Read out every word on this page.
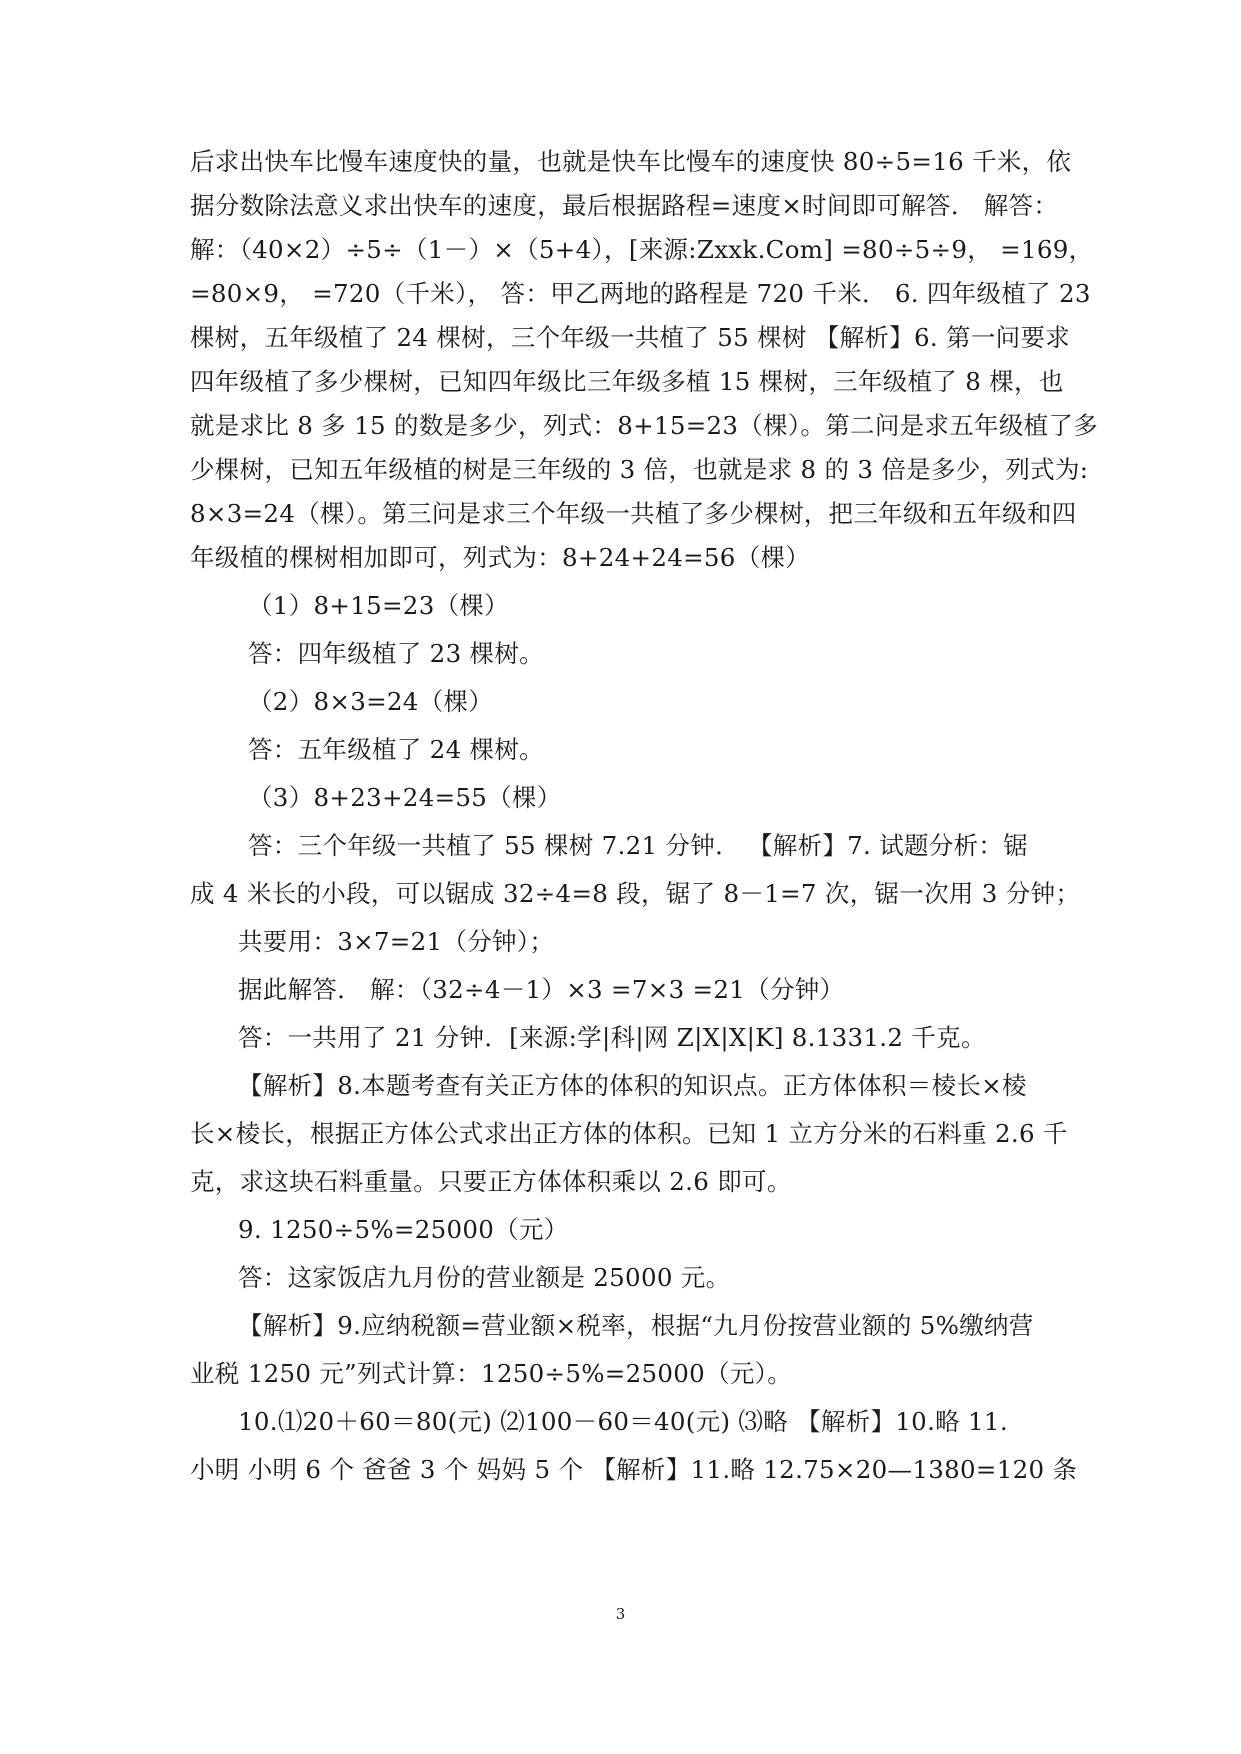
后求出快车比慢车速度快的量，也就是快车比慢车的速度快 80÷5=16 千米，依
据分数除法意义求出快车的速度，最后根据路程=速度×时间即可解答． 解答：
解：（40×2）÷5÷（1－）×（5+4），[来源:Zxxk.Com] =80÷5÷9， =169，
=80×9， =720（千米）， 答：甲乙两地的路程是 720 千米． 6. 四年级植了 23
棵树，五年级植了 24 棵树，三个年级一共植了 55 棵树 【解析】6. 第一问要求
四年级植了多少棵树，已知四年级比三年级多植 15 棵树，三年级植了 8 棵，也
就是求比 8 多 15 的数是多少，列式：8+15=23（棵）。第二问是求五年级植了多
少棵树，已知五年级植的树是三年级的 3 倍，也就是求 8 的 3 倍是多少，列式为:
8×3=24（棵）。第三问是求三个年级一共植了多少棵树，把三年级和五年级和四
年级植的棵树相加即可，列式为：8+24+24=56（棵）
（1）8+15=23（棵）
答：四年级植了 23 棵树。
（2）8×3=24（棵）
答：五年级植了 24 棵树。
（3）8+23+24=55（棵）
答：三个年级一共植了 55 棵树 7.21 分钟． 【解析】7. 试题分析：锯
成 4 米长的小段，可以锯成 32÷4=8 段，锯了 8－1=7 次，锯一次用 3 分钟；
共要用：3×7=21（分钟）；
据此解答． 解：（32÷4－1）×3 =7×3 =21（分钟）
答：一共用了 21 分钟．[来源:学|科|网 Z|X|X|K] 8.1331.2 千克。
【解析】8.本题考查有关正方体的体积的知识点。正方体体积＝棱长×棱
长×棱长，根据正方体公式求出正方体的体积。已知 1 立方分米的石料重 2.6 千
克，求这块石料重量。只要正方体体积乘以 2.6 即可。
9. 1250÷5%=25000（元）
答：这家饭店九月份的营业额是 25000 元。
【解析】9.应纳税额=营业额×税率，根据“九月份按营业额的 5%缴纳营
业税 1250 元”列式计算：1250÷5%=25000（元）。
10.⑴20＋60＝80(元) ⑵100－60＝40(元) ⑶略 【解析】10.略 11.
小明 小明 6 个 爸爸 3 个 妈妈 5 个 【解析】11.略 12.75×20—1380=120 条
3
